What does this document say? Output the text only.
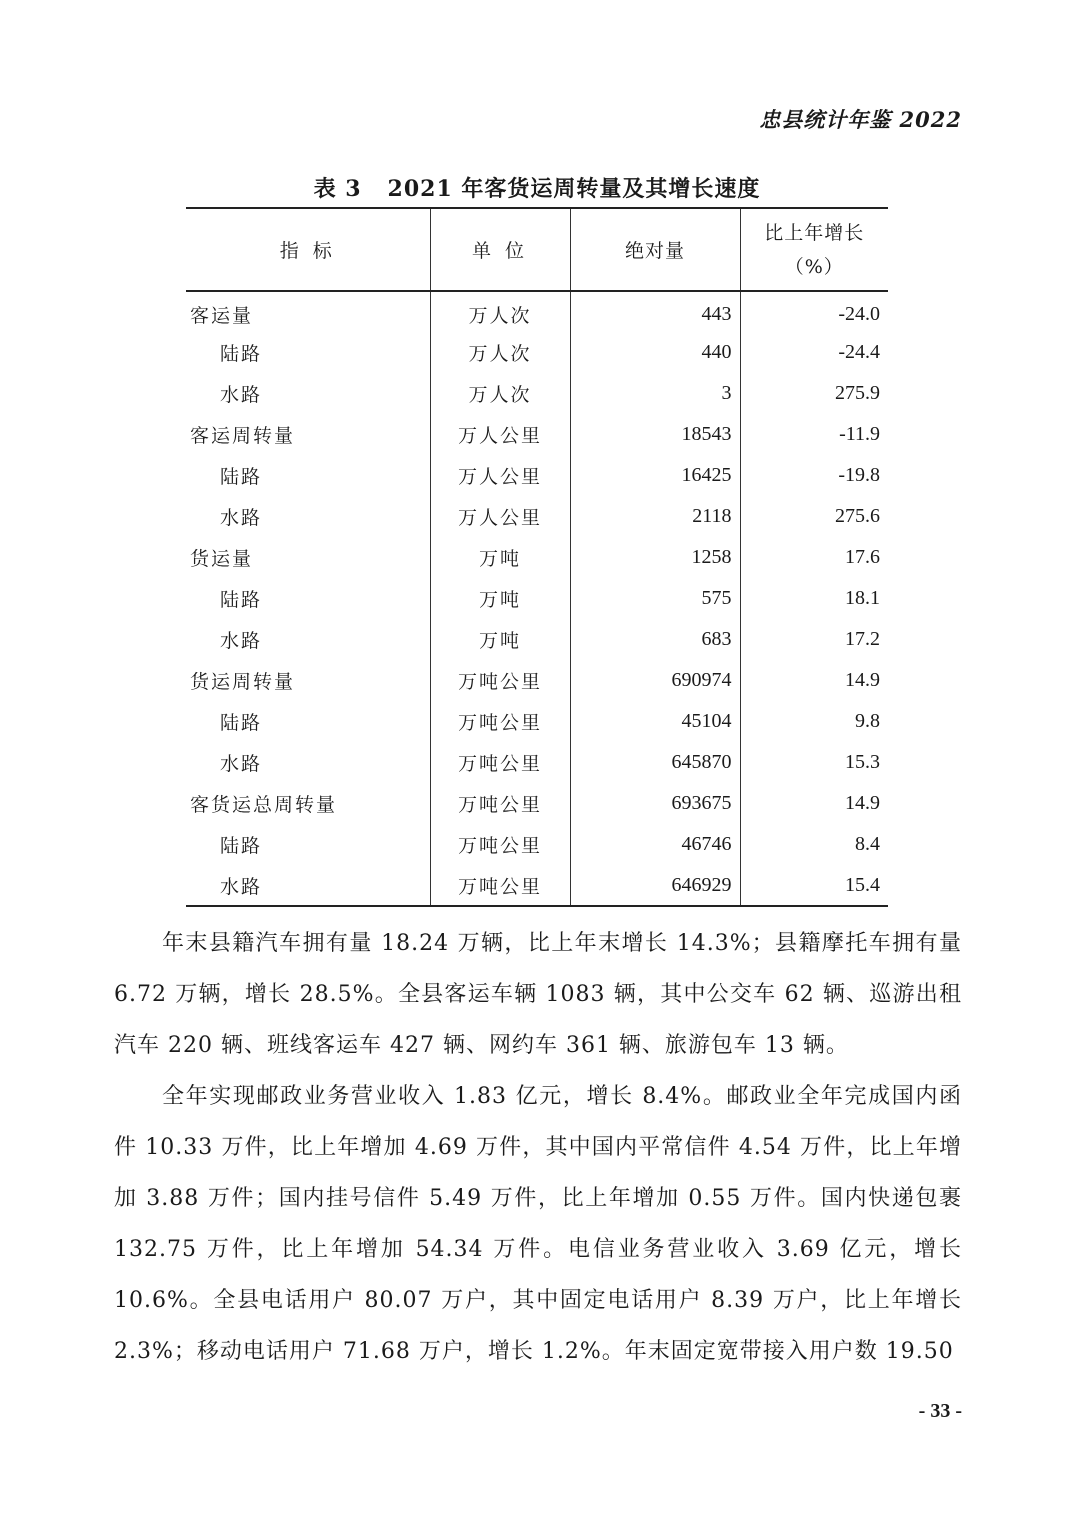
忠县统计年鉴 2022
表 3 2021 年客货运周转量及其增长速度
指 标	单 位	绝对量	比上年增长
（%）

客运量	万人次	443	-24.0
陆路	万人次	440	-24.4
水路	万人次	3	275.9
客运周转量	万人公里	18543	-11.9
陆路	万人公里	16425	-19.8
水路	万人公里	2118	275.6
货运量	万吨	1258	17.6
陆路	万吨	575	18.1
水路	万吨	683	17.2
货运周转量	万吨公里	690974	14.9
陆路	万吨公里	45104	9.8
水路	万吨公里	645870	15.3
客货运总周转量	万吨公里	693675	14.9
陆路	万吨公里	46746	8.4
水路	万吨公里	646929	15.4

年末县籍汽车拥有量 18.24 万辆，比上年末增长 14.3%；县籍摩托车拥有量 6.72 万辆，增长 28.5%。全县客运车辆 1083 辆，其中公交车 62 辆、巡游出租汽车 220 辆、班线客运车 427 辆、网约车 361 辆、旅游包车 13 辆。

全年实现邮政业务营业收入 1.83 亿元，增长 8.4%。邮政业全年完成国内函件 10.33 万件，比上年增加 4.69 万件，其中国内平常信件 4.54 万件，比上年增加 3.88 万件；国内挂号信件 5.49 万件，比上年增加 0.55 万件。国内快递包裹 132.75 万件，比上年增加 54.34 万件。电信业务营业收入 3.69 亿元，增长 10.6%。全县电话用户 80.07 万户，其中固定电话用户 8.39 万户，比上年增长 2.3%；移动电话用户 71.68 万户，增长 1.2%。年末固定宽带接入用户数 19.50

- 33 -
